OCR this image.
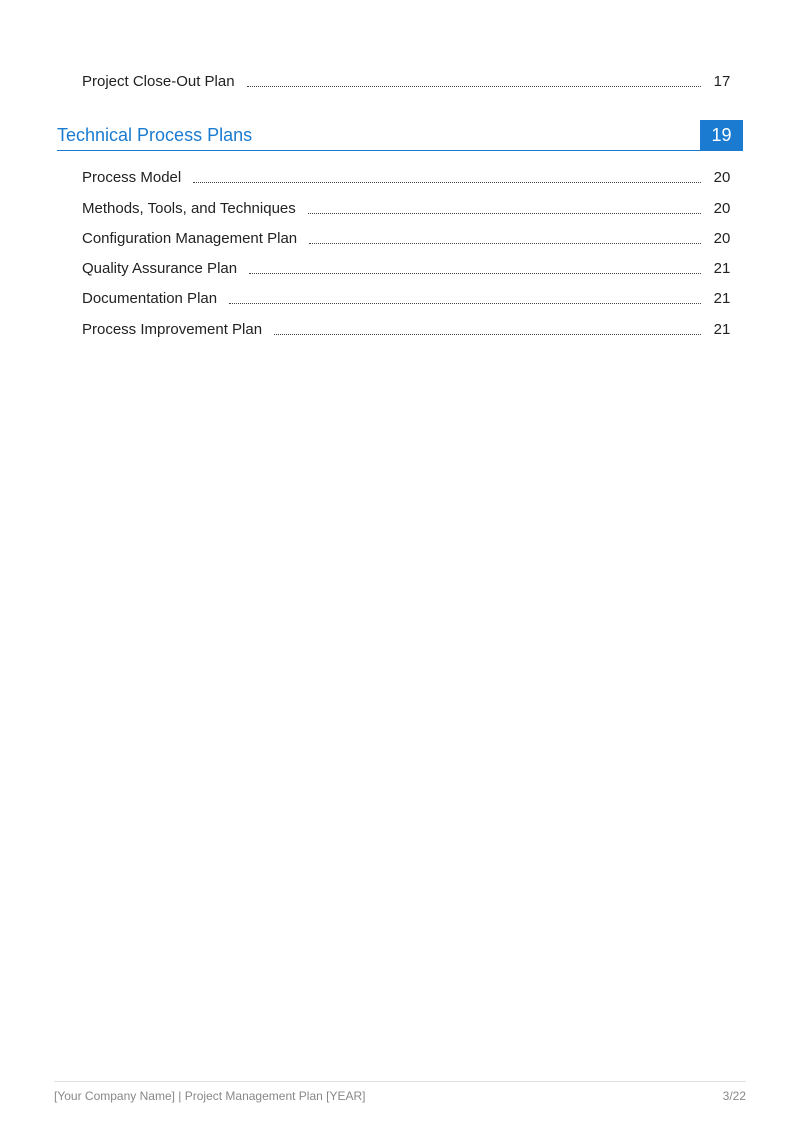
Project Close-Out Plan	17
Technical Process Plans	19
Process Model	20
Methods, Tools, and Techniques	20
Configuration Management Plan	20
Quality Assurance Plan	21
Documentation Plan	21
Process Improvement Plan	21
[Your Company Name] | Project Management Plan [YEAR]	3/22
